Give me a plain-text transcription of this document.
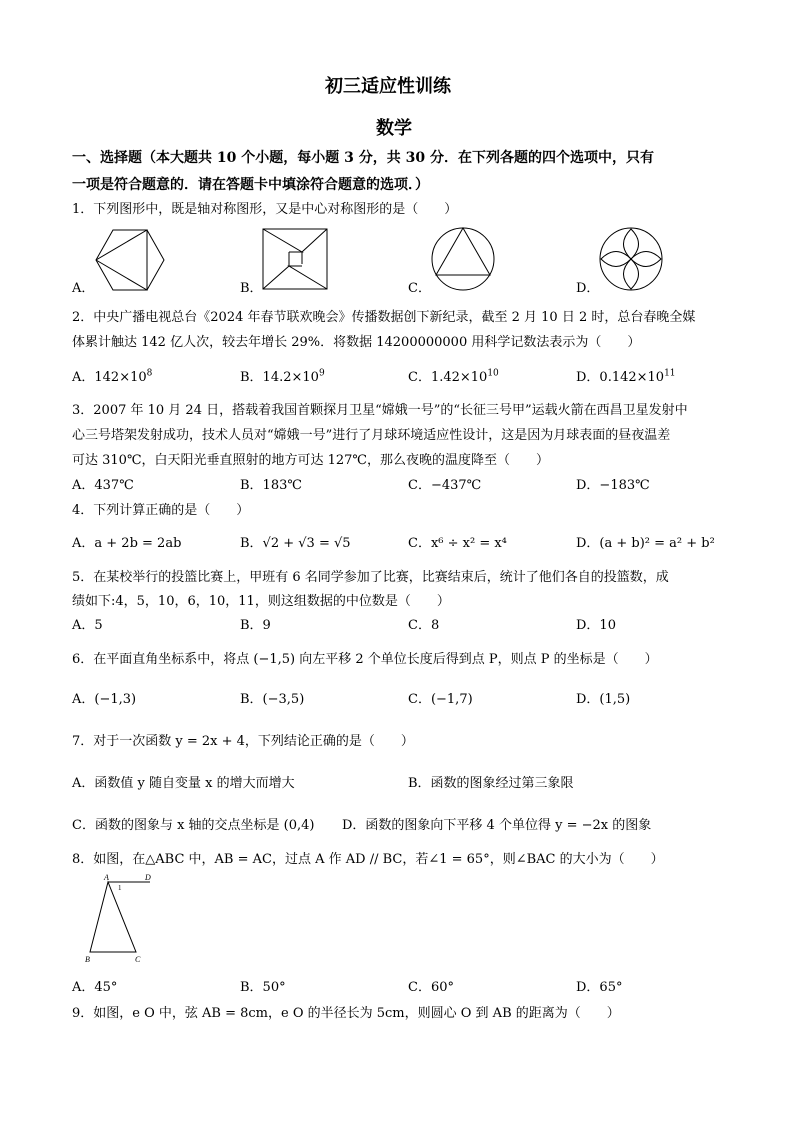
初三适应性训练
数学
一、选择题（本大题共 10 个小题，每小题 3 分，共 30 分．在下列各题的四个选项中，只有
一项是符合题意的．请在答题卡中填涂符合题意的选项．）
1．下列图形中，既是轴对称图形，又是中心对称图形的是（　　）
A．	B．	C．	D．
2．中央广播电视总台《2024 年春节联欢晚会》传播数据创下新纪录，截至 2 月 10 日 2 时，总台春晚全媒
体累计触达 142 亿人次，较去年增长 29%．将数据 14200000000 用科学记数法表示为（　　）
A．$142\times 10^8$	B．$14.2\times 10^9$	C．$1.42\times 10^{10}$	D．$0.142\times 10^{11}$
3．2007 年 10 月 24 日，搭载着我国首颗探月卫星“嫦娥一号”的“长征三号甲”运载火箭在西昌卫星发射中
心三号塔架发射成功，技术人员对“嫦娥一号”进行了月球环境适应性设计，这是因为月球表面的昼夜温差
可达 310℃，白天阳光垂直照射的地方可达 127℃，那么夜晚的温度降至（　　）
A．437℃	B．183℃	C．−437℃	D．−183℃
4．下列计算正确的是（　　）
A．a + 2b = 2ab	B．√2 + √3 = √5	C．x⁶ ÷ x² = x⁴	D．(a + b)² = a² + b²
5．在某校举行的投篮比赛上，甲班有 6 名同学参加了比赛，比赛结束后，统计了他们各自的投篮数，成
绩如下:4，5，10，6，10，11，则这组数据的中位数是（　　）
A．5	B．9	C．8	D．10
6．在平面直角坐标系中，将点 (−1,5) 向左平移 2 个单位长度后得到点 P，则点 P 的坐标是（　　）
A．(−1,3)	B．(−3,5)	C．(−1,7)	D．(1,5)
7．对于一次函数 y = 2x + 4，下列结论正确的是（　　）
A．函数值 y 随自变量 x 的增大而增大	B．函数的图象经过第三象限
C．函数的图象与 x 轴的交点坐标是 (0,4) D．函数的图象向下平移 4 个单位得 y = −2x 的图象
8．如图，在△ABC 中，AB = AC，过点 A 作 AD // BC，若∠1 = 65°，则∠BAC 的大小为（　　）
A	D
1
B	C
A．45°	B．50°	C．60°	D．65°
9．如图，e O 中，弦 AB = 8cm，e O 的半径长为 5cm，则圆心 O 到 AB 的距离为（　　）
